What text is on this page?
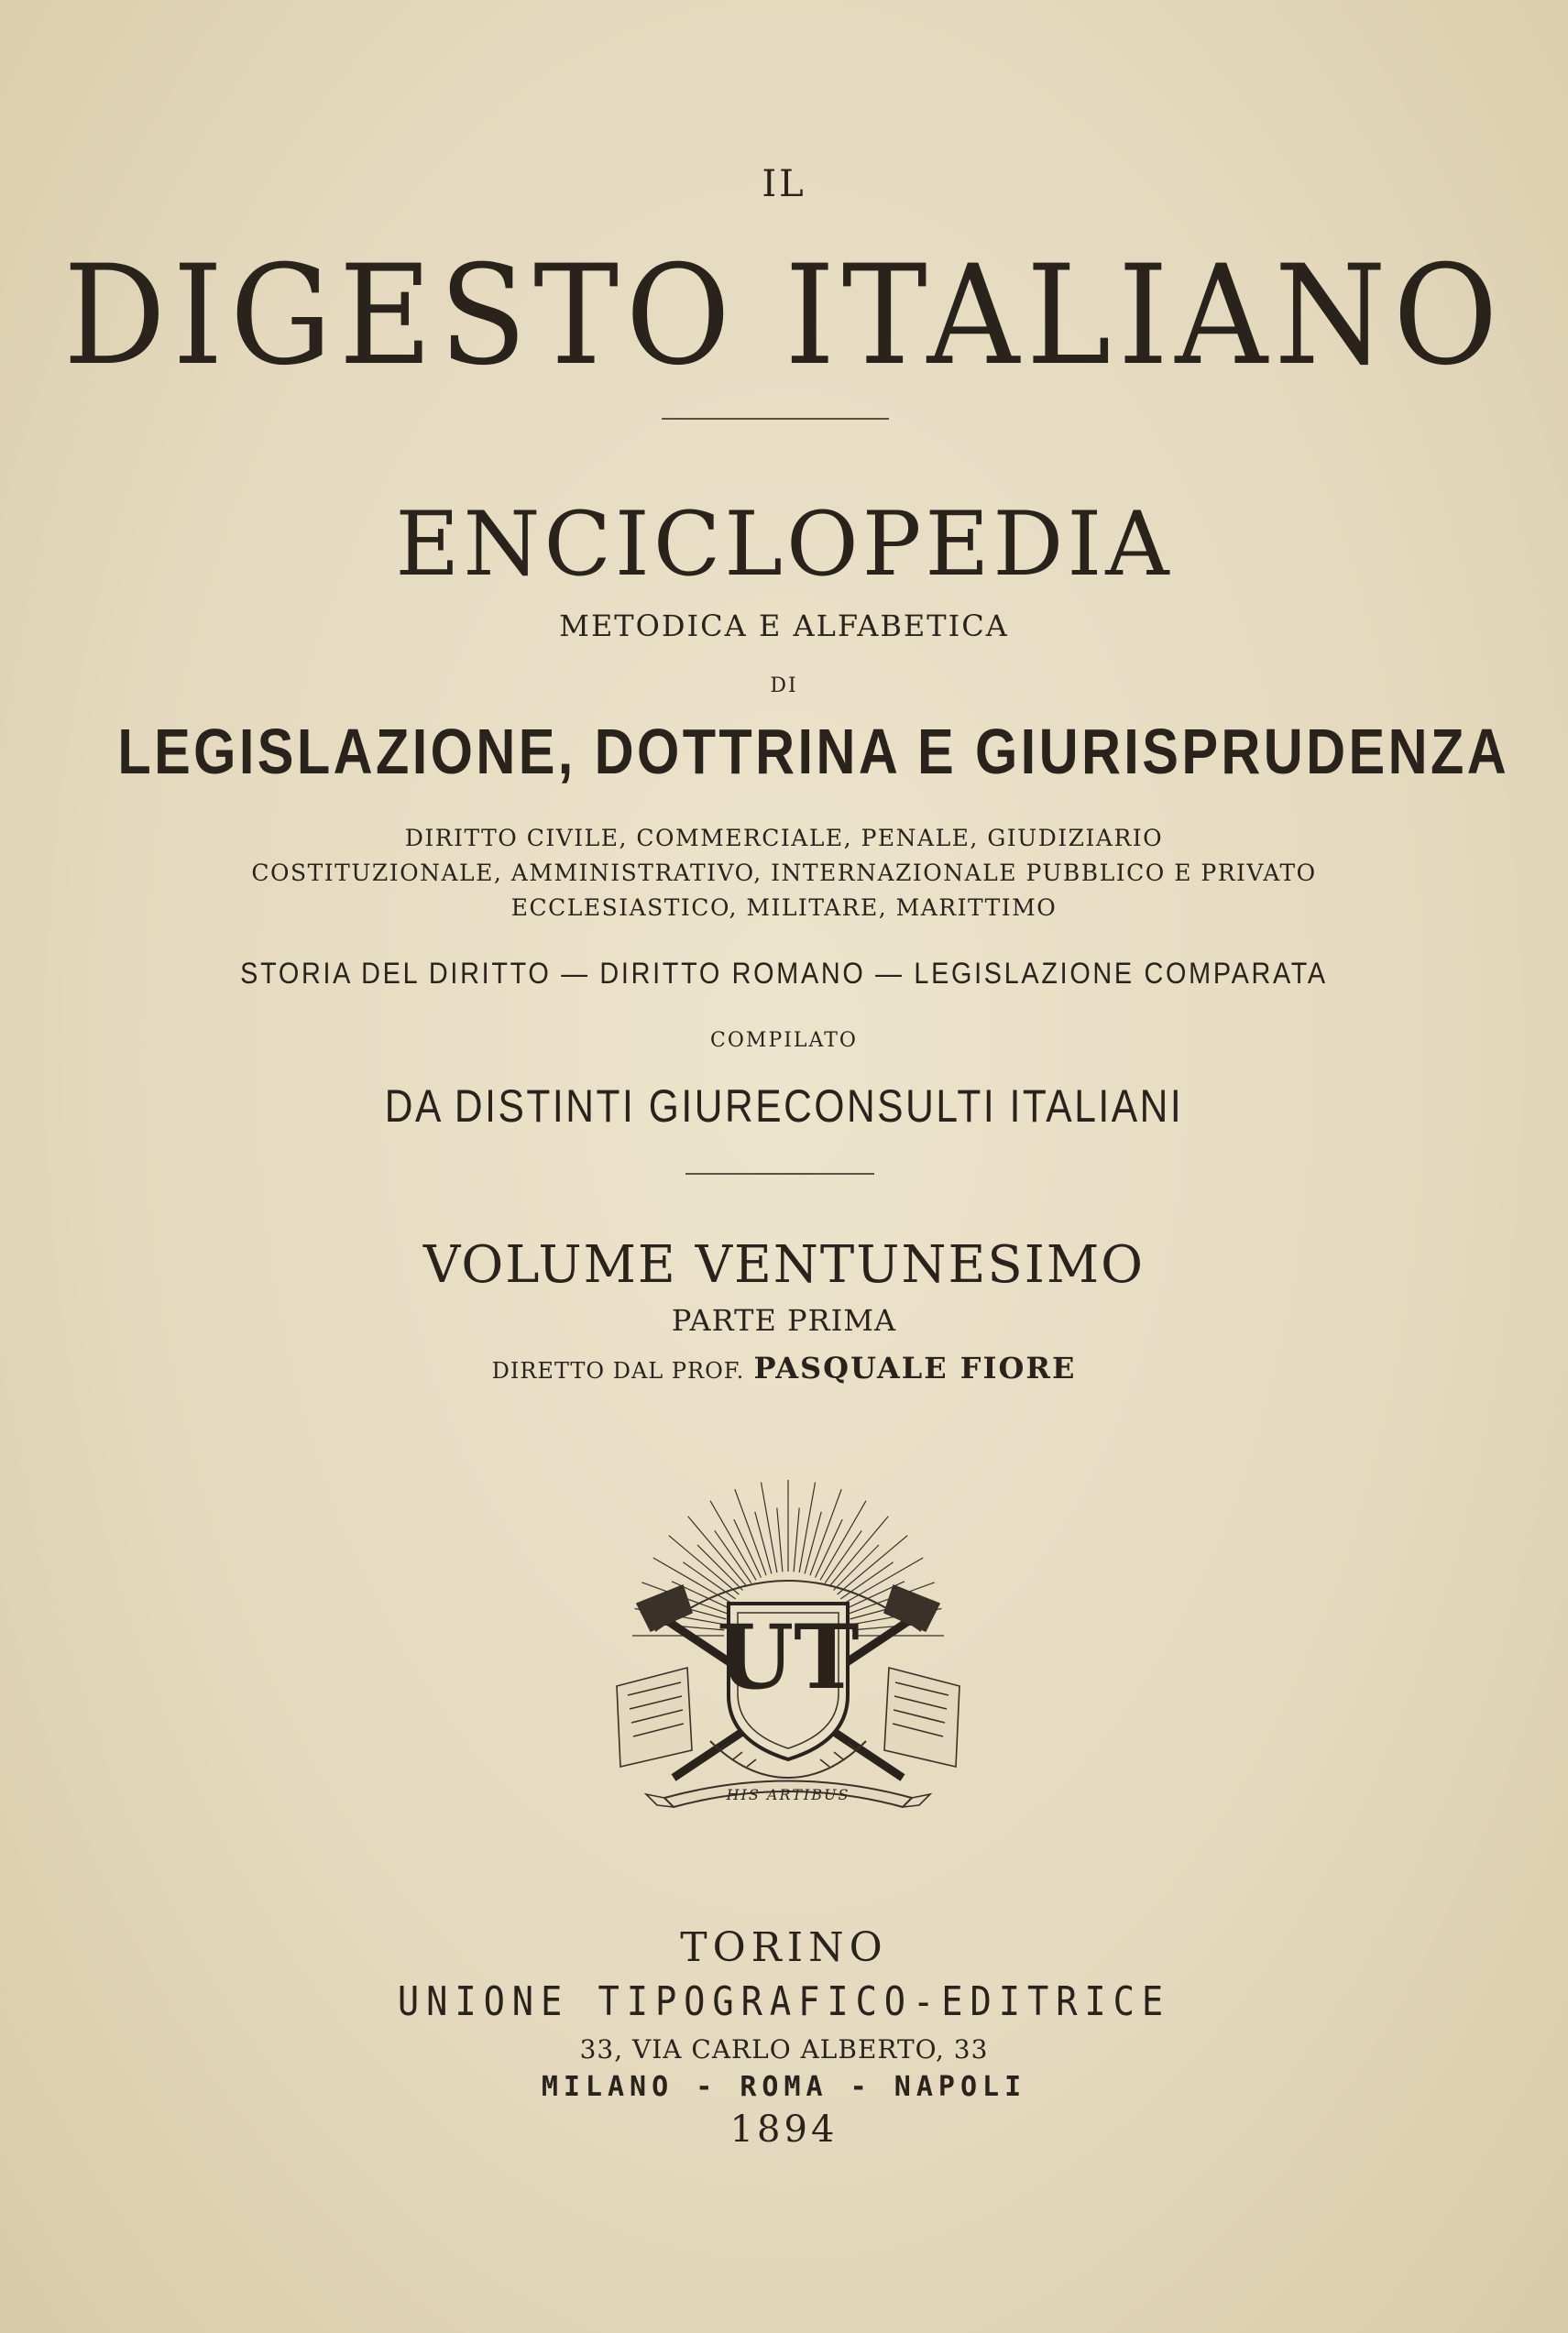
IL
DIGESTO ITALIANO
ENCICLOPEDIA
METODICA E ALFABETICA
DI
LEGISLAZIONE, DOTTRINA E GIURISPRUDENZA
DIRITTO CIVILE, COMMERCIALE, PENALE, GIUDIZIARIO
COSTITUZIONALE, AMMINISTRATIVO, INTERNAZIONALE PUBBLICO E PRIVATO
ECCLESIASTICO, MILITARE, MARITTIMO
STORIA DEL DIRITTO — DIRITTO ROMANO — LEGISLAZIONE COMPARATA
COMPILATO
DA DISTINTI GIURECONSULTI ITALIANI
VOLUME VENTUNESIMO
PARTE PRIMA
DIRETTO DAL PROF. PASQUALE FIORE
UT
HIS ARTIBUS
TORINO
UNIONE TIPOGRAFICO-EDITRICE
33, VIA CARLO ALBERTO, 33
MILANO - ROMA - NAPOLI
1894
